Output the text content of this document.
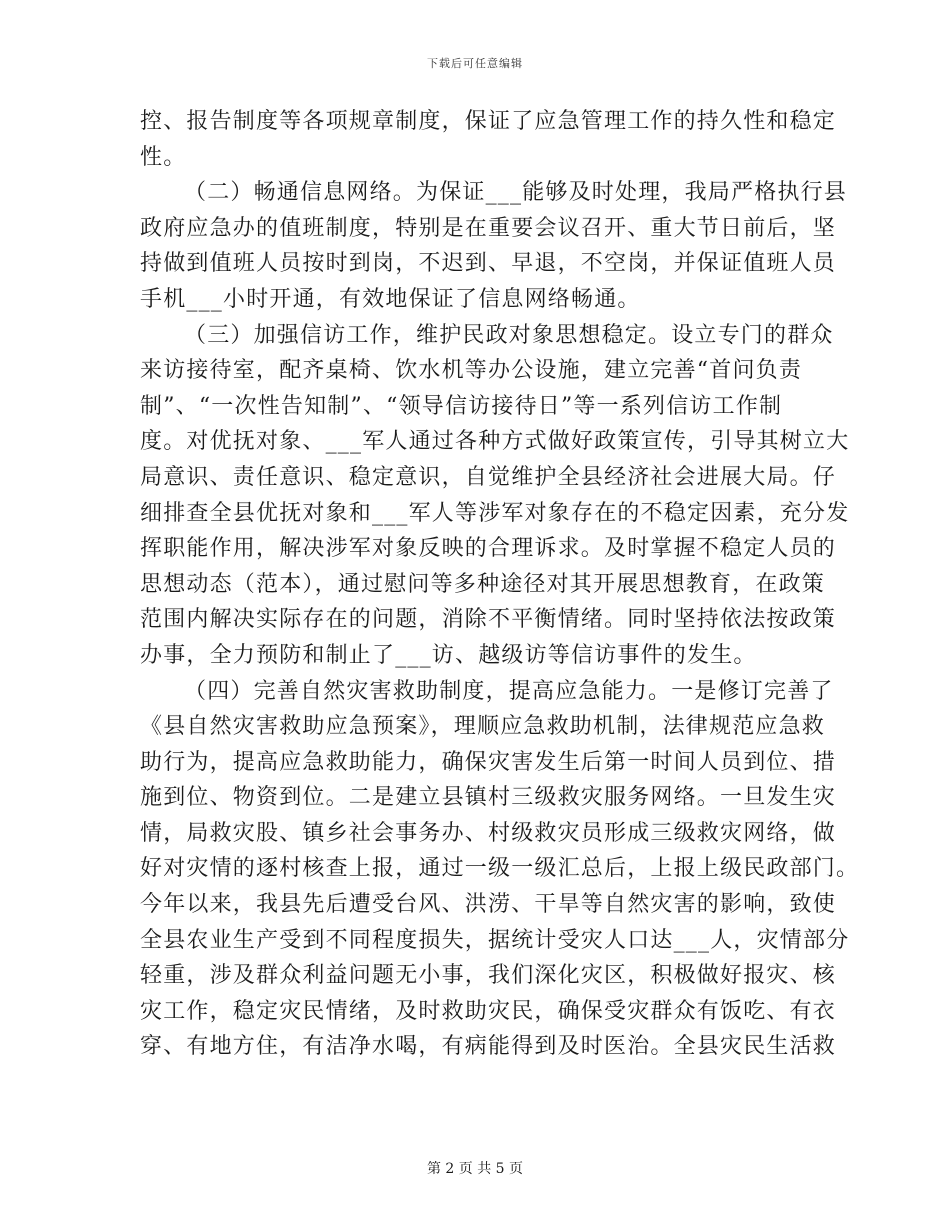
下载后可任意编辑
控、报告制度等各项规章制度，保证了应急管理工作的持久性和稳定
性。
（二）畅通信息网络。为保证___能够及时处理，我局严格执行县
政府应急办的值班制度，特别是在重要会议召开、重大节日前后，坚
持做到值班人员按时到岗，不迟到、早退，不空岗，并保证值班人员
手机___小时开通，有效地保证了信息网络畅通。
（三）加强信访工作，维护民政对象思想稳定。设立专门的群众
来访接待室，配齐桌椅、饮水机等办公设施，建立完善“首问负责
制”、“一次性告知制”、“领导信访接待日”等一系列信访工作制
度。对优抚对象、___军人通过各种方式做好政策宣传，引导其树立大
局意识、责任意识、稳定意识，自觉维护全县经济社会进展大局。仔
细排查全县优抚对象和___军人等涉军对象存在的不稳定因素，充分发
挥职能作用，解决涉军对象反映的合理诉求。及时掌握不稳定人员的
思想动态（范本），通过慰问等多种途径对其开展思想教育，在政策
范围内解决实际存在的问题，消除不平衡情绪。同时坚持依法按政策
办事，全力预防和制止了___访、越级访等信访事件的发生。
（四）完善自然灾害救助制度，提高应急能力。一是修订完善了
《县自然灾害救助应急预案》，理顺应急救助机制，法律规范应急救
助行为，提高应急救助能力，确保灾害发生后第一时间人员到位、措
施到位、物资到位。二是建立县镇村三级救灾服务网络。一旦发生灾
情，局救灾股、镇乡社会事务办、村级救灾员形成三级救灾网络，做
好对灾情的逐村核查上报，通过一级一级汇总后，上报上级民政部门。
今年以来，我县先后遭受台风、洪涝、干旱等自然灾害的影响，致使
全县农业生产受到不同程度损失，据统计受灾人口达___人，灾情部分
轻重，涉及群众利益问题无小事，我们深化灾区，积极做好报灾、核
灾工作，稳定灾民情绪，及时救助灾民，确保受灾群众有饭吃、有衣
穿、有地方住，有洁净水喝，有病能得到及时医治。全县灾民生活救
第 2 页 共 5 页
